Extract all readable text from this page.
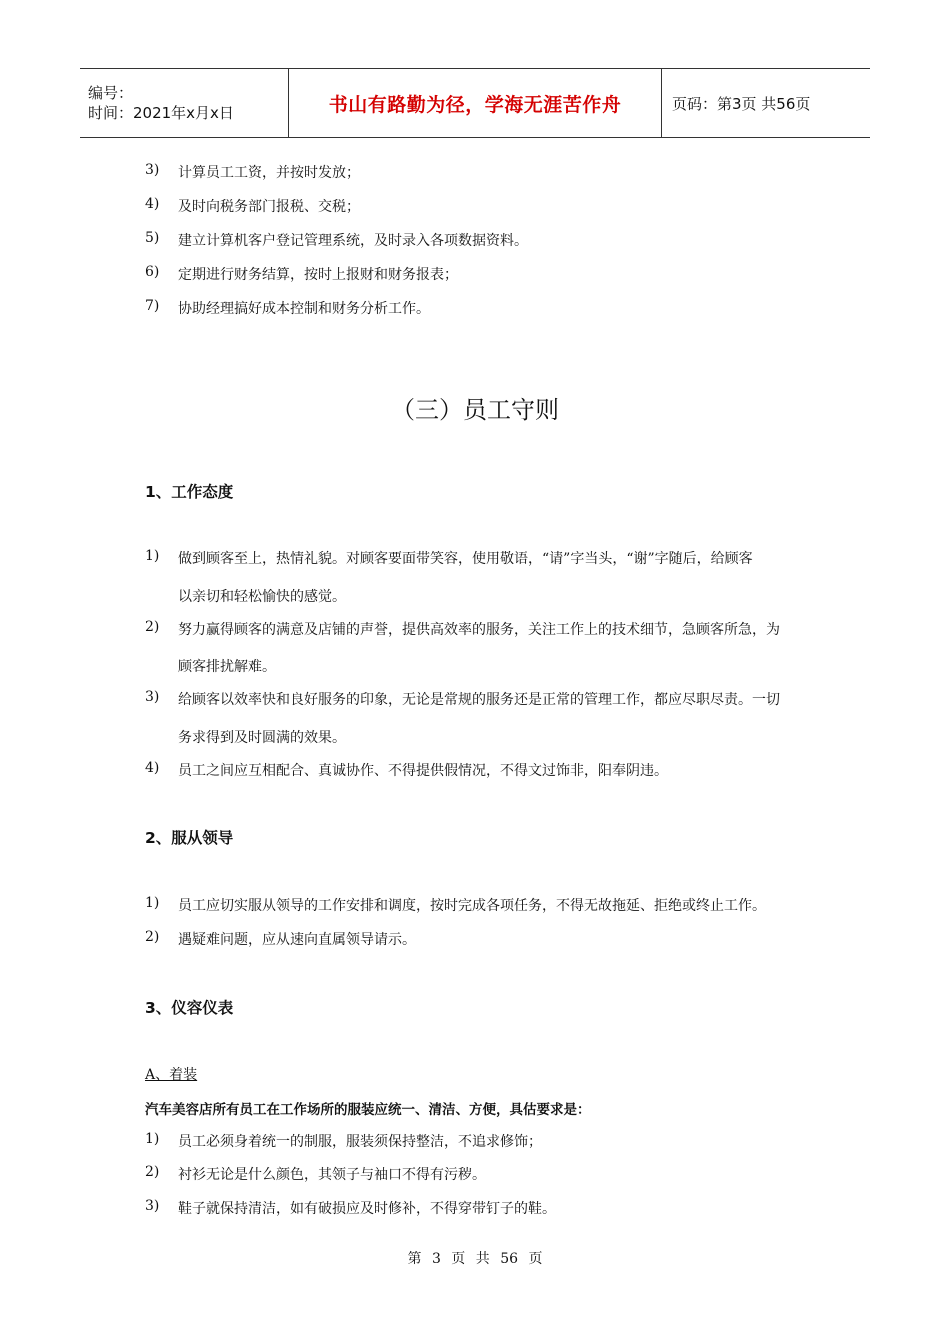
编号：
时间：2021年x月x日	书山有路勤为径，学海无涯苦作舟	页码：第3页 共56页
3) 计算员工工资，并按时发放；
4) 及时向税务部门报税、交税；
5) 建立计算机客户登记管理系统，及时录入各项数据资料。
6) 定期进行财务结算，按时上报财和财务报表；
7) 协助经理搞好成本控制和财务分析工作。
（三）员工守则
1、工作态度
1) 做到顾客至上，热情礼貌。对顾客要面带笑容，使用敬语，“请”字当头，“谢”字随后，给顾客
以亲切和轻松愉快的感觉。
2) 努力赢得顾客的满意及店铺的声誉，提供高效率的服务，关注工作上的技术细节，急顾客所急，为
顾客排扰解难。
3) 给顾客以效率快和良好服务的印象，无论是常规的服务还是正常的管理工作，都应尽职尽责。一切
务求得到及时圆满的效果。
4) 员工之间应互相配合、真诚协作、不得提供假情况，不得文过饰非，阳奉阴违。
2、服从领导
1) 员工应切实服从领导的工作安排和调度，按时完成各项任务，不得无故拖延、拒绝或终止工作。
2) 遇疑难问题，应从速向直属领导请示。
3、仪容仪表
A、着装
汽车美容店所有员工在工作场所的服装应统一、清洁、方便，具估要求是：
1) 员工必须身着统一的制服，服装须保持整洁，不追求修饰；
2) 衬衫无论是什么颜色，其领子与袖口不得有污秽。
3) 鞋子就保持清洁，如有破损应及时修补，不得穿带钉子的鞋。
第 3 页 共 56 页
